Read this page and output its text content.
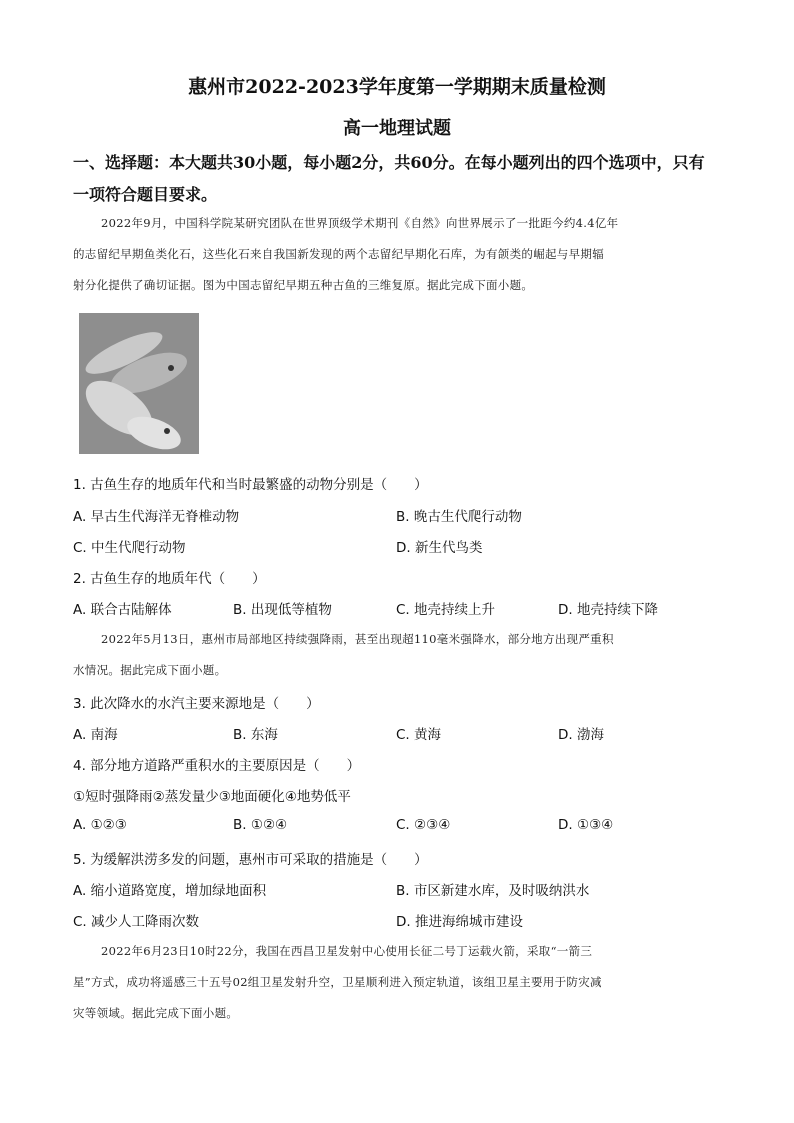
惠州市2022-2023学年度第一学期期末质量检测
高一地理试题
一、选择题：本大题共30小题，每小题2分，共60分。在每小题列出的四个选项中，只有
一项符合题目要求。
2022年9月，中国科学院某研究团队在世界顶级学术期刊《自然》向世界展示了一批距今约4.4亿年
的志留纪早期鱼类化石，这些化石来自我国新发现的两个志留纪早期化石库，为有颌类的崛起与早期辐
射分化提供了确切证据。图为中国志留纪早期五种古鱼的三维复原。据此完成下面小题。
1. 古鱼生存的地质年代和当时最繁盛的动物分别是（　　）
A. 早古生代海洋无脊椎动物	B. 晚古生代爬行动物
C. 中生代爬行动物	D. 新生代鸟类
2. 古鱼生存的地质年代（　　）
A. 联合古陆解体	B. 出现低等植物	C. 地壳持续上升	D. 地壳持续下降
2022年5月13日，惠州市局部地区持续强降雨，甚至出现超110毫米强降水，部分地方出现严重积
水情况。据此完成下面小题。
3. 此次降水的水汽主要来源地是（　　）
A. 南海	B. 东海	C. 黄海	D. 渤海
4. 部分地方道路严重积水的主要原因是（　　）
①短时强降雨②蒸发量少③地面硬化④地势低平
A. ①②③	B. ①②④	C. ②③④	D. ①③④
5. 为缓解洪涝多发的问题，惠州市可采取的措施是（　　）
A. 缩小道路宽度，增加绿地面积	B. 市区新建水库，及时吸纳洪水
C. 减少人工降雨次数	D. 推进海绵城市建设
2022年6月23日10时22分，我国在西昌卫星发射中心使用长征二号丁运载火箭，采取“一箭三
星”方式，成功将遥感三十五号02组卫星发射升空，卫星顺利进入预定轨道，该组卫星主要用于防灾减
灾等领域。据此完成下面小题。
